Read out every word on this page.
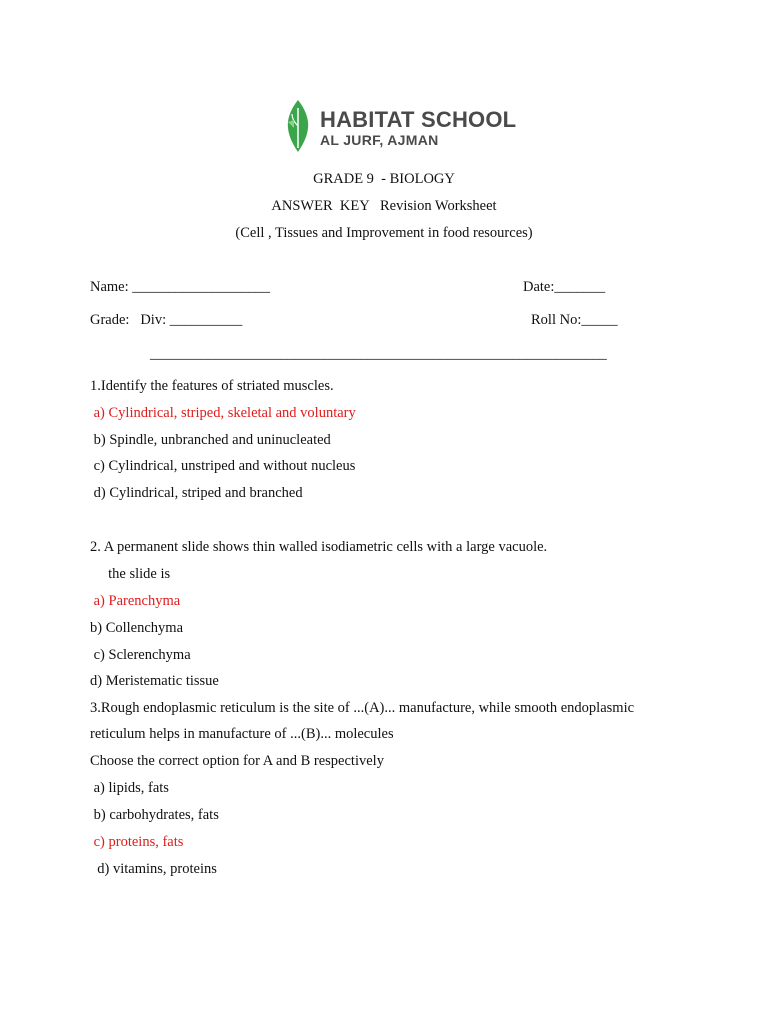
HABITAT SCHOOL
AL JURF, AJMAN
GRADE 9  - BIOLOGY
ANSWER  KEY   Revision Worksheet
(Cell , Tissues and Improvement in food resources)
Name: ___________________	Date:_______
Grade:   Div: __________	Roll No:_____
_______________________________________________________________
1.Identify the features of striated muscles.
a) Cylindrical, striped, skeletal and voluntary
b) Spindle, unbranched and uninucleated
c) Cylindrical, unstriped and without nucleus
d) Cylindrical, striped and branched
2. A permanent slide shows thin walled isodiametric cells with a large vacuole.
the slide is
a) Parenchyma
b) Collenchyma
c) Sclerenchyma
d) Meristematic tissue
3.Rough endoplasmic reticulum is the site of ...(A)... manufacture, while smooth endoplasmic
reticulum helps in manufacture of ...(B)... molecules
Choose the correct option for A and B respectively
a) lipids, fats
b) carbohydrates, fats
c) proteins, fats
d) vitamins, proteins
